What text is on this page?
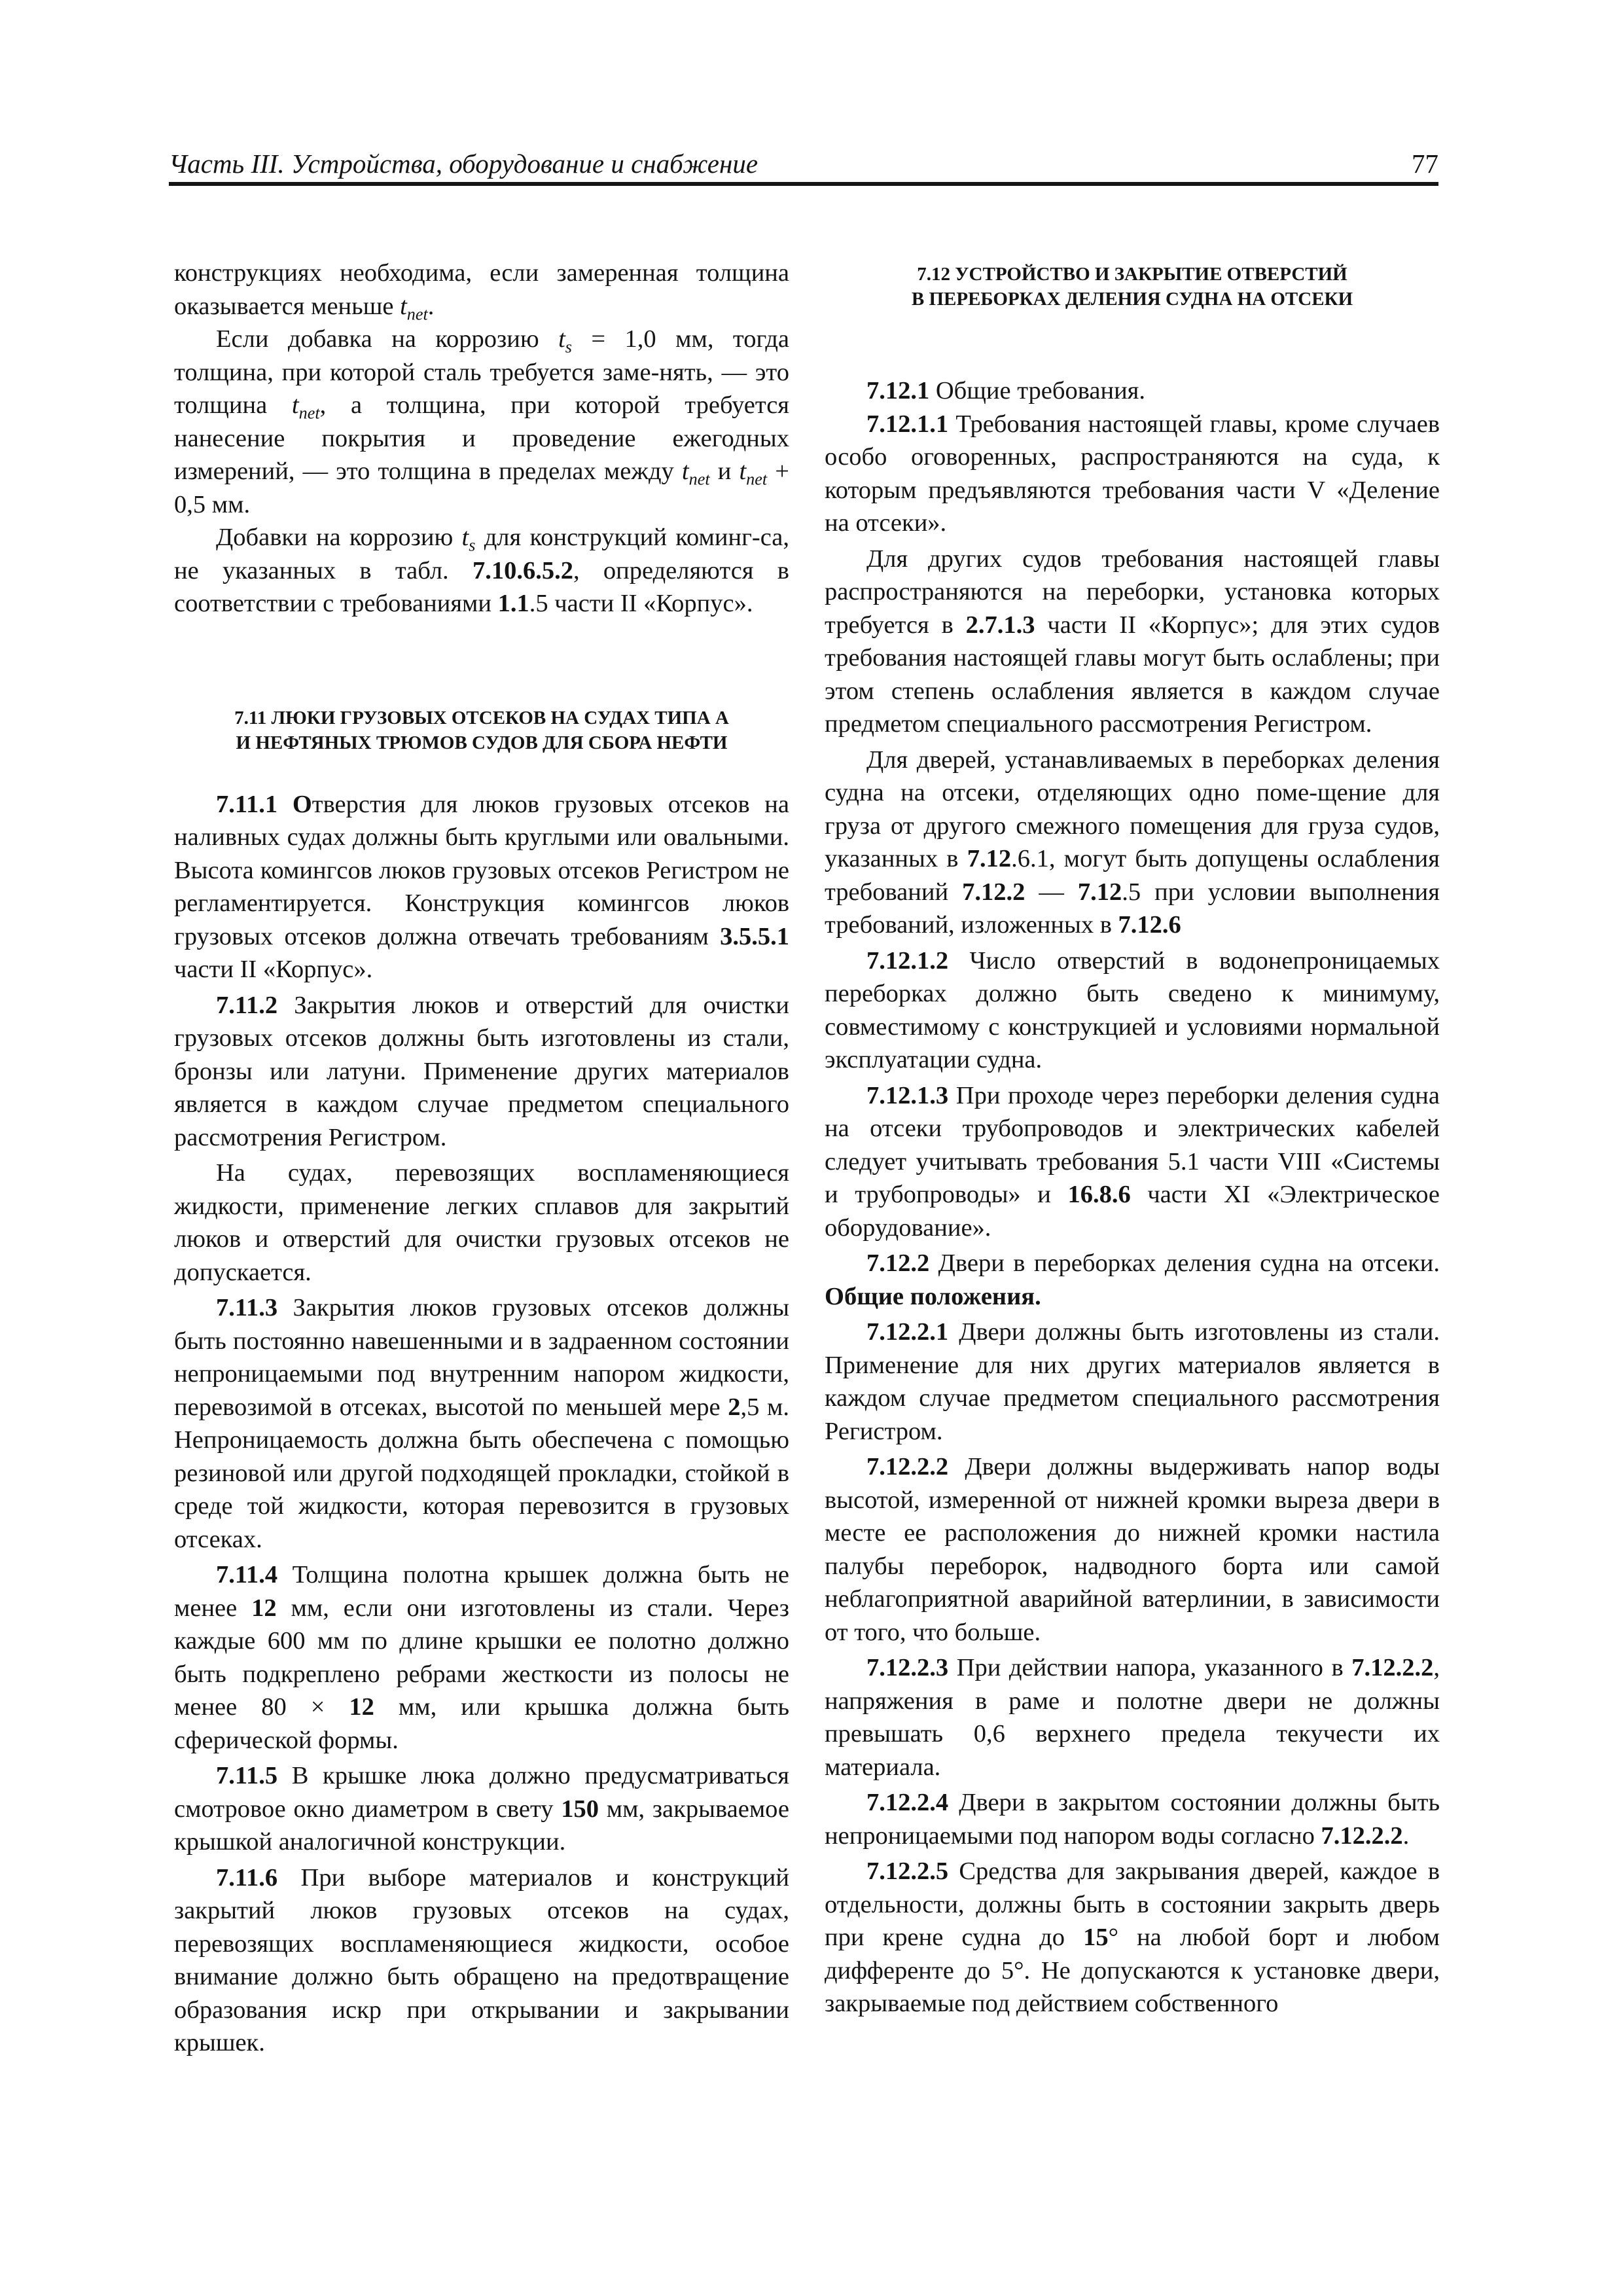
Часть III. Устройства, оборудование и снабжение	77

конструкциях необходима, если замеренная толщина оказывается меньше $t_{net}$.

Если добавка на коррозию $t_s = 1,0$ мм, тогда толщина, при которой сталь требуется заме-нять, — это толщина $t_{net}$, а толщина, при которой требуется нанесение покрытия и проведение ежегодных измерений, — это толщина в пределах между $t_{net}$ и $t_{net} + 0,5$ мм.

Добавки на коррозию $t_s$ для конструкций коминг-са, не указанных в табл. 7.10.6.5.2, определяются в соответствии с требованиями 1.1.5 части II «Корпус».

7.11 ЛЮКИ ГРУЗОВЫХ ОТСЕКОВ НА СУДАХ ТИПА А
И НЕФТЯНЫХ ТРЮМОВ СУДОВ ДЛЯ СБОРА НЕФТИ

7.11.1 Отверстия для люков грузовых отсеков на наливных судах должны быть круглыми или овальными. Высота комингсов люков грузовых отсеков Регистром не регламентируется. Конструкция комингсов люков грузовых отсеков должна отвечать требованиям 3.5.5.1 части II «Корпус».

7.11.2 Закрытия люков и отверстий для очистки грузовых отсеков должны быть изготовлены из стали, бронзы или латуни. Применение других материалов является в каждом случае предметом специального рассмотрения Регистром.

На судах, перевозящих воспламеняющиеся жидкости, применение легких сплавов для закрытий люков и отверстий для очистки грузовых отсеков не допускается.

7.11.3 Закрытия люков грузовых отсеков должны быть постоянно навешенными и в задраенном состоянии непроницаемыми под внутренним напором жидкости, перевозимой в отсеках, высотой по меньшей мере 2,5 м. Непроницаемость должна быть обеспечена с помощью резиновой или другой подходящей прокладки, стойкой в среде той жидкости, которая перевозится в грузовых отсеках.

7.11.4 Толщина полотна крышек должна быть не менее 12 мм, если они изготовлены из стали. Через каждые 600 мм по длине крышки ее полотно должно быть подкреплено ребрами жесткости из полосы не менее 80 × 12 мм, или крышка должна быть сферической формы.

7.11.5 В крышке люка должно предусматриваться смотровое окно диаметром в свету 150 мм, закрываемое крышкой аналогичной конструкции.

7.11.6 При выборе материалов и конструкций закрытий люков грузовых отсеков на судах, перевозящих воспламеняющиеся жидкости, особое внимание должно быть обращено на предотвращение образования искр при открывании и закрывании крышек.

7.12 УСТРОЙСТВО И ЗАКРЫТИЕ ОТВЕРСТИЙ
В ПЕРЕБОРКАХ ДЕЛЕНИЯ СУДНА НА ОТСЕКИ

7.12.1 Общие требования.

7.12.1.1 Требования настоящей главы, кроме случаев особо оговоренных, распространяются на суда, к которым предъявляются требования части V «Деление на отсеки».

Для других судов требования настоящей главы распространяются на переборки, установка которых требуется в 2.7.1.3 части II «Корпус»; для этих судов требования настоящей главы могут быть ослаблены; при этом степень ослабления является в каждом случае предметом специального рассмотрения Регистром.

Для дверей, устанавливаемых в переборках деления судна на отсеки, отделяющих одно поме-щение для груза от другого смежного помещения для груза судов, указанных в 7.12.6.1, могут быть допущены ослабления требований 7.12.2 — 7.12.5 при условии выполнения требований, изложенных в 7.12.6

7.12.1.2 Число отверстий в водонепроницаемых переборках должно быть сведено к минимуму, совместимому с конструкцией и условиями нормальной эксплуатации судна.

7.12.1.3 При проходе через переборки деления судна на отсеки трубопроводов и электрических кабелей следует учитывать требования 5.1 части VIII «Системы и трубопроводы» и 16.8.6 части XI «Электрическое оборудование».

7.12.2 Двери в переборках деления судна на отсеки. Общие положения.

7.12.2.1 Двери должны быть изготовлены из стали. Применение для них других материалов является в каждом случае предметом специального рассмотрения Регистром.

7.12.2.2 Двери должны выдерживать напор воды высотой, измеренной от нижней кромки выреза двери в месте ее расположения до нижней кромки настила палубы переборок, надводного борта или самой неблагоприятной аварийной ватерлинии, в зависимости от того, что больше.

7.12.2.3 При действии напора, указанного в 7.12.2.2, напряжения в раме и полотне двери не должны превышать 0,6 верхнего предела текучести их материала.

7.12.2.4 Двери в закрытом состоянии должны быть непроницаемыми под напором воды согласно 7.12.2.2.

7.12.2.5 Средства для закрывания дверей, каждое в отдельности, должны быть в состоянии закрыть дверь при крене судна до 15° на любой борт и любом дифференте до 5°. Не допускаются к установке двери, закрываемые под действием собственного
